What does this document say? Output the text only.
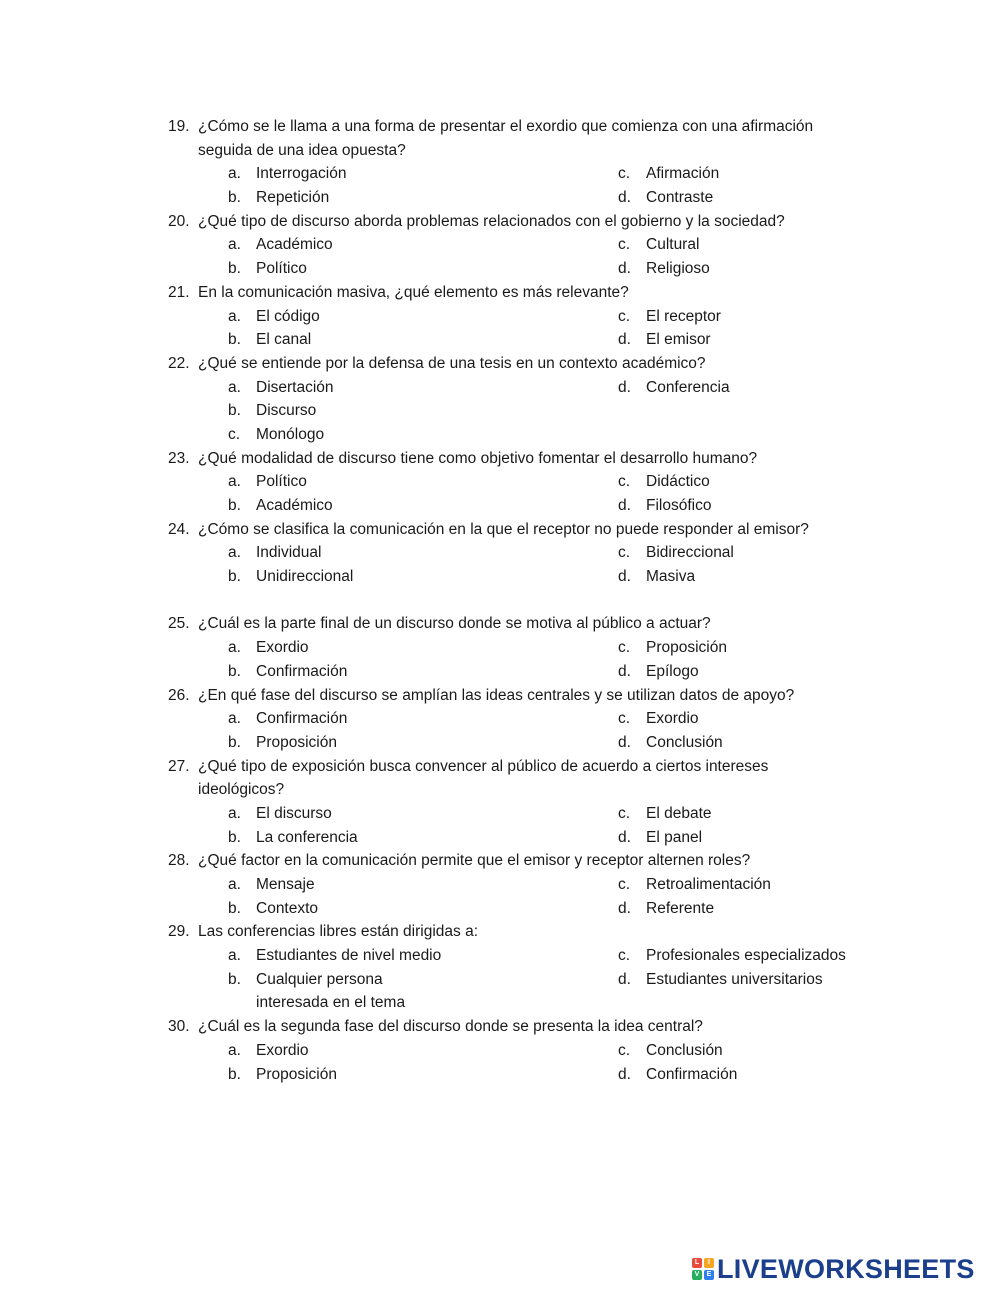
19. ¿Cómo se le llama a una forma de presentar el exordio que comienza con una afirmación
seguida de una idea opuesta?
a. Interrogación	c. Afirmación
b. Repetición	d. Contraste
20. ¿Qué tipo de discurso aborda problemas relacionados con el gobierno y la sociedad?
a. Académico	c. Cultural
b. Político	d. Religioso
21. En la comunicación masiva, ¿qué elemento es más relevante?
a. El código	c. El receptor
b. El canal	d. El emisor
22. ¿Qué se entiende por la defensa de una tesis en un contexto académico?
a. Disertación	d. Conferencia
b. Discurso
c. Monólogo
23. ¿Qué modalidad de discurso tiene como objetivo fomentar el desarrollo humano?
a. Político	c. Didáctico
b. Académico	d. Filosófico
24. ¿Cómo se clasifica la comunicación en la que el receptor no puede responder al emisor?
a. Individual	c. Bidireccional
b. Unidireccional	d. Masiva
25. ¿Cuál es la parte final de un discurso donde se motiva al público a actuar?
a. Exordio	c. Proposición
b. Confirmación	d. Epílogo
26. ¿En qué fase del discurso se amplían las ideas centrales y se utilizan datos de apoyo?
a. Confirmación	c. Exordio
b. Proposición	d. Conclusión
27. ¿Qué tipo de exposición busca convencer al público de acuerdo a ciertos intereses
ideológicos?
a. El discurso	c. El debate
b. La conferencia	d. El panel
28. ¿Qué factor en la comunicación permite que el emisor y receptor alternen roles?
a. Mensaje	c. Retroalimentación
b. Contexto	d. Referente
29. Las conferencias libres están dirigidas a:
a. Estudiantes de nivel medio	c. Profesionales especializados
b. Cualquier persona	d. Estudiantes universitarios
interesada en el tema
30. ¿Cuál es la segunda fase del discurso donde se presenta la idea central?
a. Exordio	c. Conclusión
b. Proposición	d. Confirmación
L	I
V	E LIVEWORKSHEETS
